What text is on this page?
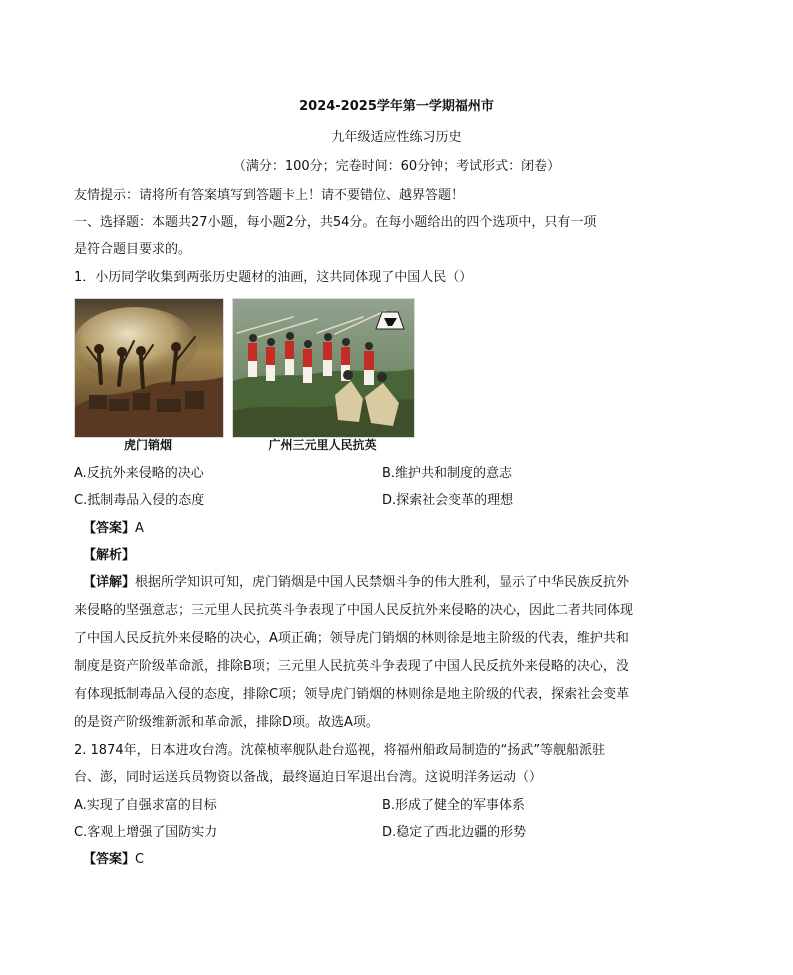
2024-2025学年第一学期福州市
九年级适应性练习历史
（满分：100分；完卷时间：60分钟；考试形式：闭卷）
友情提示：请将所有答案填写到答题卡上！请不要错位、越界答题！
一、选择题：本题共27小题，每小题2分，共54分。在每小题给出的四个选项中，只有一项
是符合题目要求的。
1．小历同学收集到两张历史题材的油画，这共同体现了中国人民（）
虎门销烟	广州三元里人民抗英
A.反抗外来侵略的决心	B.维护共和制度的意志
C.抵制毒品入侵的态度	D.探索社会变革的理想
【答案】A
【解析】
【详解】根据所学知识可知，虎门销烟是中国人民禁烟斗争的伟大胜利，显示了中华民族反抗外
来侵略的坚强意志；三元里人民抗英斗争表现了中国人民反抗外来侵略的决心，因此二者共同体现
了中国人民反抗外来侵略的决心，A项正确；领导虎门销烟的林则徐是地主阶级的代表，维护共和
制度是资产阶级革命派，排除B项；三元里人民抗英斗争表现了中国人民反抗外来侵略的决心，没
有体现抵制毒品入侵的态度，排除C项；领导虎门销烟的林则徐是地主阶级的代表，探索社会变革
的是资产阶级维新派和革命派，排除D项。故选A项。
2. 1874年，日本进攻台湾。沈葆桢率舰队赴台巡视，将福州船政局制造的“扬武”等舰船派驻
台、澎，同时运送兵员物资以备战，最终逼迫日军退出台湾。这说明洋务运动（）
A.实现了自强求富的目标	B.形成了健全的军事体系
C.客观上增强了国防实力	D.稳定了西北边疆的形势
【答案】C
